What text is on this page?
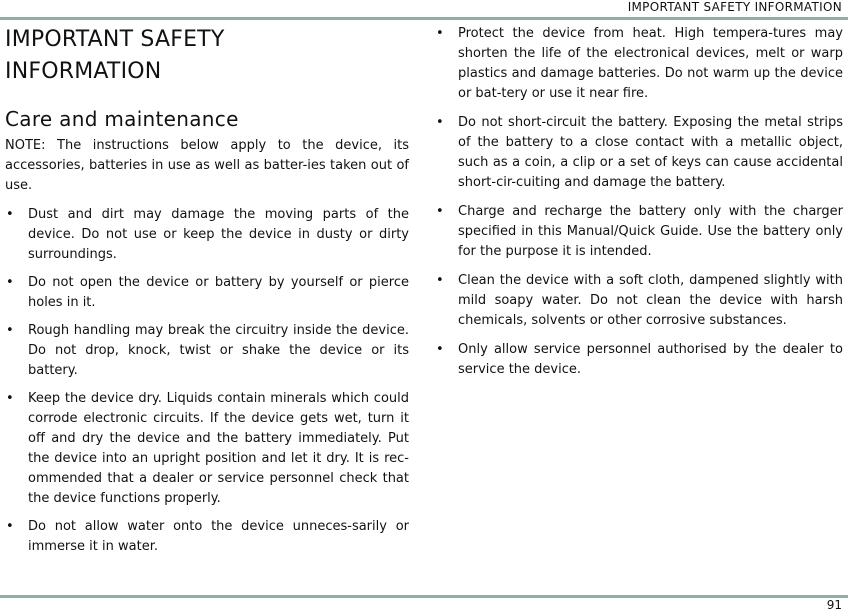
IMPORTANT SAFETY INFORMATION
IMPORTANT SAFETY
INFORMATION
Care and maintenance

NOTE: The instructions below apply to the device, its accessories, batteries in use as well as batter-ies taken out of use.

• Dust and dirt may damage the moving parts of the device. Do not use or keep the device in dusty or dirty surroundings.
• Do not open the device or battery by yourself or pierce holes in it.
• Rough handling may break the circuitry inside the device. Do not drop, knock, twist or shake the device or its battery.
• Keep the device dry. Liquids contain minerals which could corrode electronic circuits. If the device gets wet, turn it off and dry the device and the battery immediately. Put the device into an upright position and let it dry. It is rec-ommended that a dealer or service personnel check that the device functions properly.
• Do not allow water onto the device unneces-sarily or immerse it in water.
• Protect the device from heat. High tempera-tures may shorten the life of the electronical devices, melt or warp plastics and damage batteries. Do not warm up the device or bat-tery or use it near fire.
• Do not short-circuit the battery. Exposing the metal strips of the battery to a close contact with a metallic object, such as a coin, a clip or a set of keys can cause accidental short-cir-cuiting and damage the battery.
• Charge and recharge the battery only with the charger specified in this Manual/Quick Guide. Use the battery only for the purpose it is intended.
• Clean the device with a soft cloth, dampened slightly with mild soapy water. Do not clean the device with harsh chemicals, solvents or other corrosive substances.
• Only allow service personnel authorised by the dealer to service the device.
91
